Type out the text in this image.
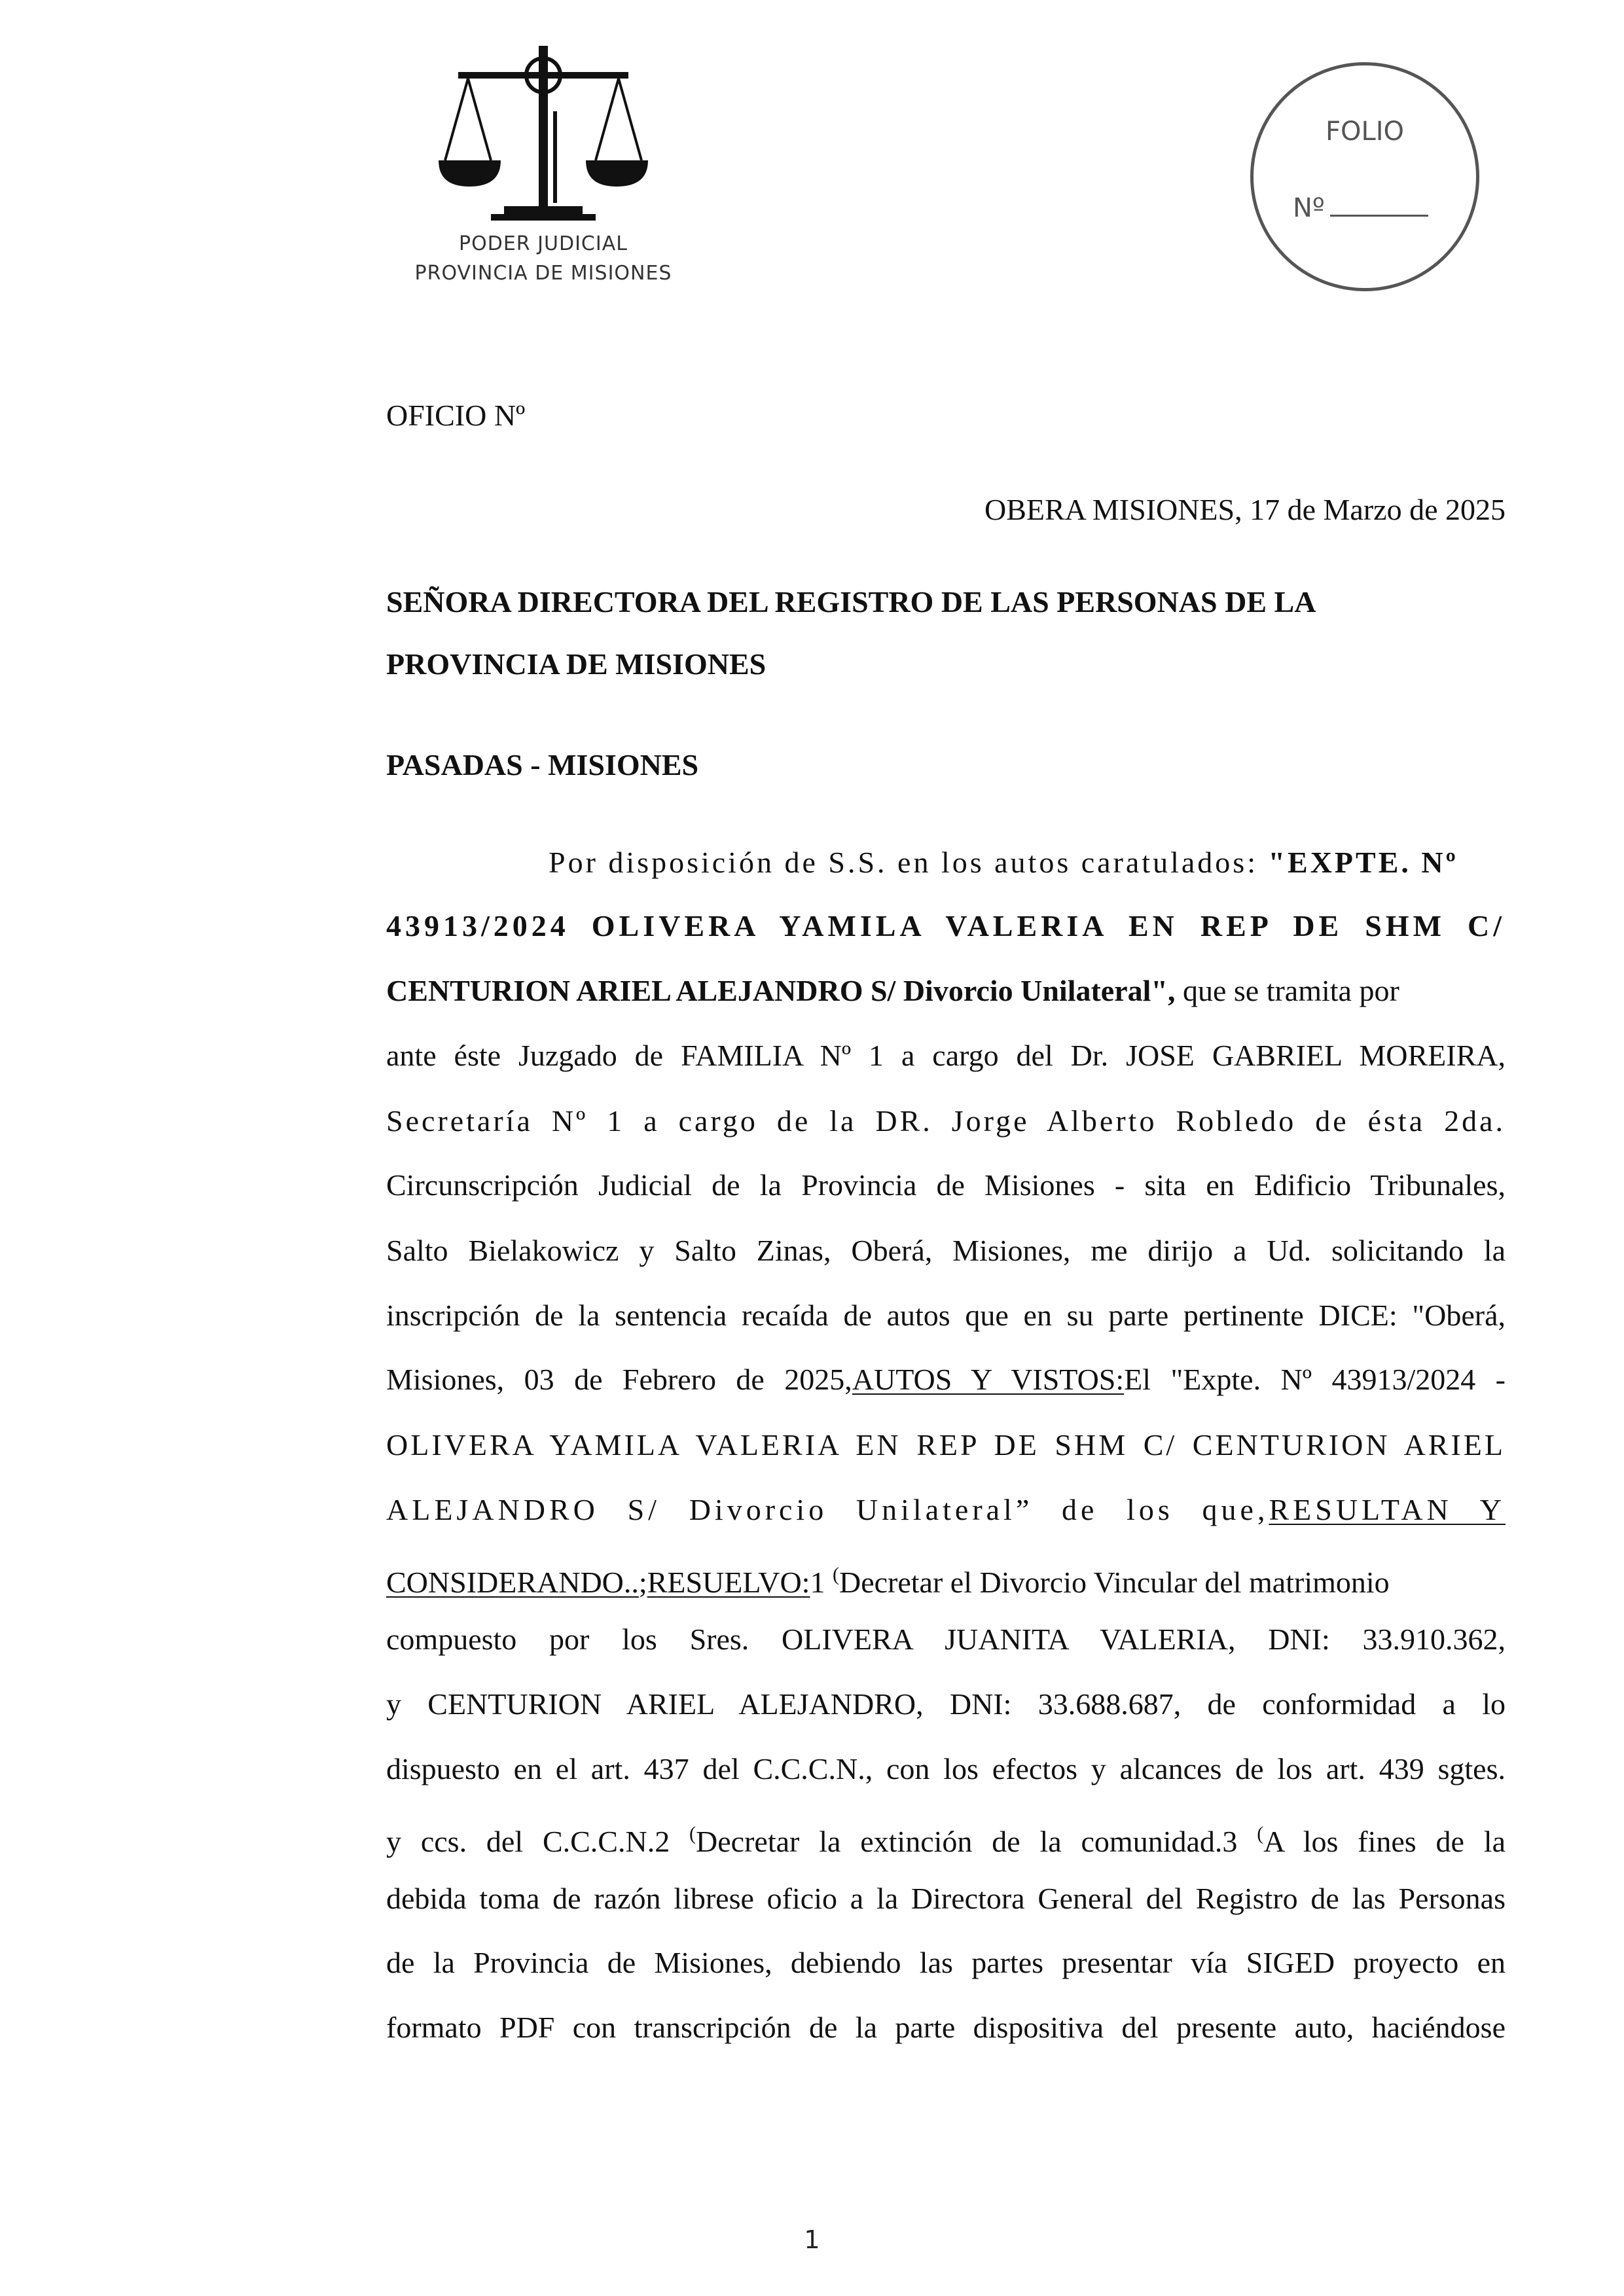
PODER JUDICIAL
PROVINCIA DE MISIONES
FOLIO
Nº
OFICIO Nº
OBERA MISIONES, 17 de Marzo de 2025
SEÑORA DIRECTORA DEL REGISTRO DE LAS PERSONAS DE LA
PROVINCIA DE MISIONES
PASADAS - MISIONES
Por disposición de S.S. en los autos caratulados: "EXPTE. Nº
43913/2024 OLIVERA YAMILA VALERIA EN REP DE SHM C/
CENTURION ARIEL ALEJANDRO S/ Divorcio Unilateral", que se tramita por
ante éste Juzgado de FAMILIA Nº 1 a cargo del Dr. JOSE GABRIEL MOREIRA,
Secretaría Nº 1 a cargo de la DR. Jorge Alberto Robledo de ésta 2da.
Circunscripción Judicial de la Provincia de Misiones - sita en Edificio Tribunales,
Salto Bielakowicz y Salto Zinas, Oberá, Misiones, me dirijo a Ud. solicitando la
inscripción de la sentencia recaída de autos que en su parte pertinente DICE: "Oberá,
Misiones, 03 de Febrero de 2025,AUTOS Y VISTOS:El "Expte. Nº 43913/2024 -
OLIVERA YAMILA VALERIA EN REP DE SHM C/ CENTURION ARIEL
ALEJANDRO S/ Divorcio Unilateral” de los que,RESULTAN Y
CONSIDERANDO..;RESUELVO:1 (Decretar el Divorcio Vincular del matrimonio
compuesto por los Sres. OLIVERA JUANITA VALERIA, DNI: 33.910.362,
y CENTURION ARIEL ALEJANDRO, DNI: 33.688.687, de conformidad a lo
dispuesto en el art. 437 del C.C.C.N., con los efectos y alcances de los art. 439 sgtes.
y ccs. del C.C.C.N.2 (Decretar la extinción de la comunidad.3 (A los fines de la
debida toma de razón librese oficio a la Directora General del Registro de las Personas
de la Provincia de Misiones, debiendo las partes presentar vía SIGED proyecto en
formato PDF con transcripción de la parte dispositiva del presente auto, haciéndose
1
